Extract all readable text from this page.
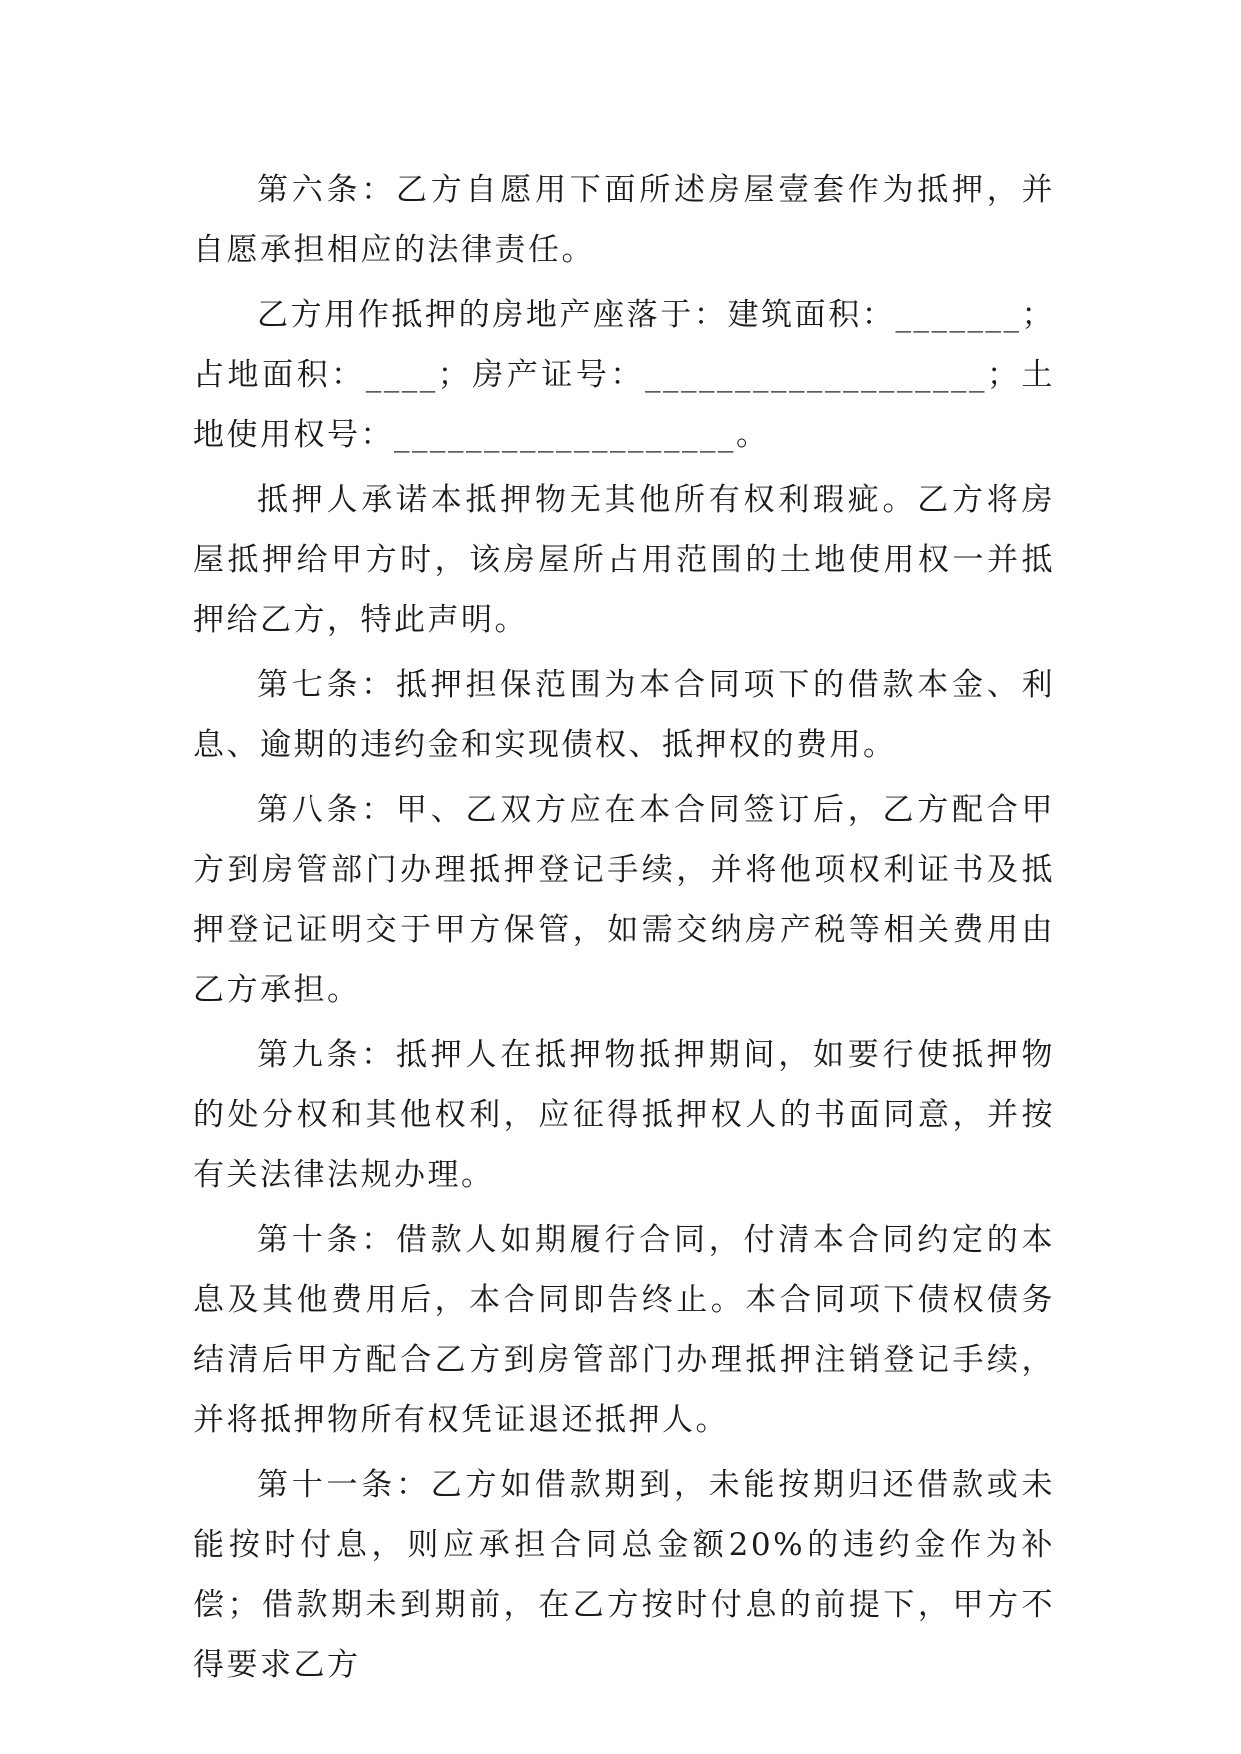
第六条：乙方自愿用下面所述房屋壹套作为抵押，并自愿承担相应的法律责任。

乙方用作抵押的房地产座落于：建筑面积：_______；占地面积：____；房产证号：___________________；土地使用权号：___________________。

抵押人承诺本抵押物无其他所有权利瑕疵。乙方将房屋抵押给甲方时，该房屋所占用范围的土地使用权一并抵押给乙方，特此声明。

第七条：抵押担保范围为本合同项下的借款本金、利息、逾期的违约金和实现债权、抵押权的费用。

第八条：甲、乙双方应在本合同签订后，乙方配合甲方到房管部门办理抵押登记手续，并将他项权利证书及抵押登记证明交于甲方保管，如需交纳房产税等相关费用由乙方承担。

第九条：抵押人在抵押物抵押期间，如要行使抵押物的处分权和其他权利，应征得抵押权人的书面同意，并按有关法律法规办理。

第十条：借款人如期履行合同，付清本合同约定的本息及其他费用后，本合同即告终止。本合同项下债权债务结清后甲方配合乙方到房管部门办理抵押注销登记手续，并将抵押物所有权凭证退还抵押人。

第十一条：乙方如借款期到，未能按期归还借款或未能按时付息，则应承担合同总金额20%的违约金作为补偿；借款期未到期前，在乙方按时付息的前提下，甲方不得要求乙方
